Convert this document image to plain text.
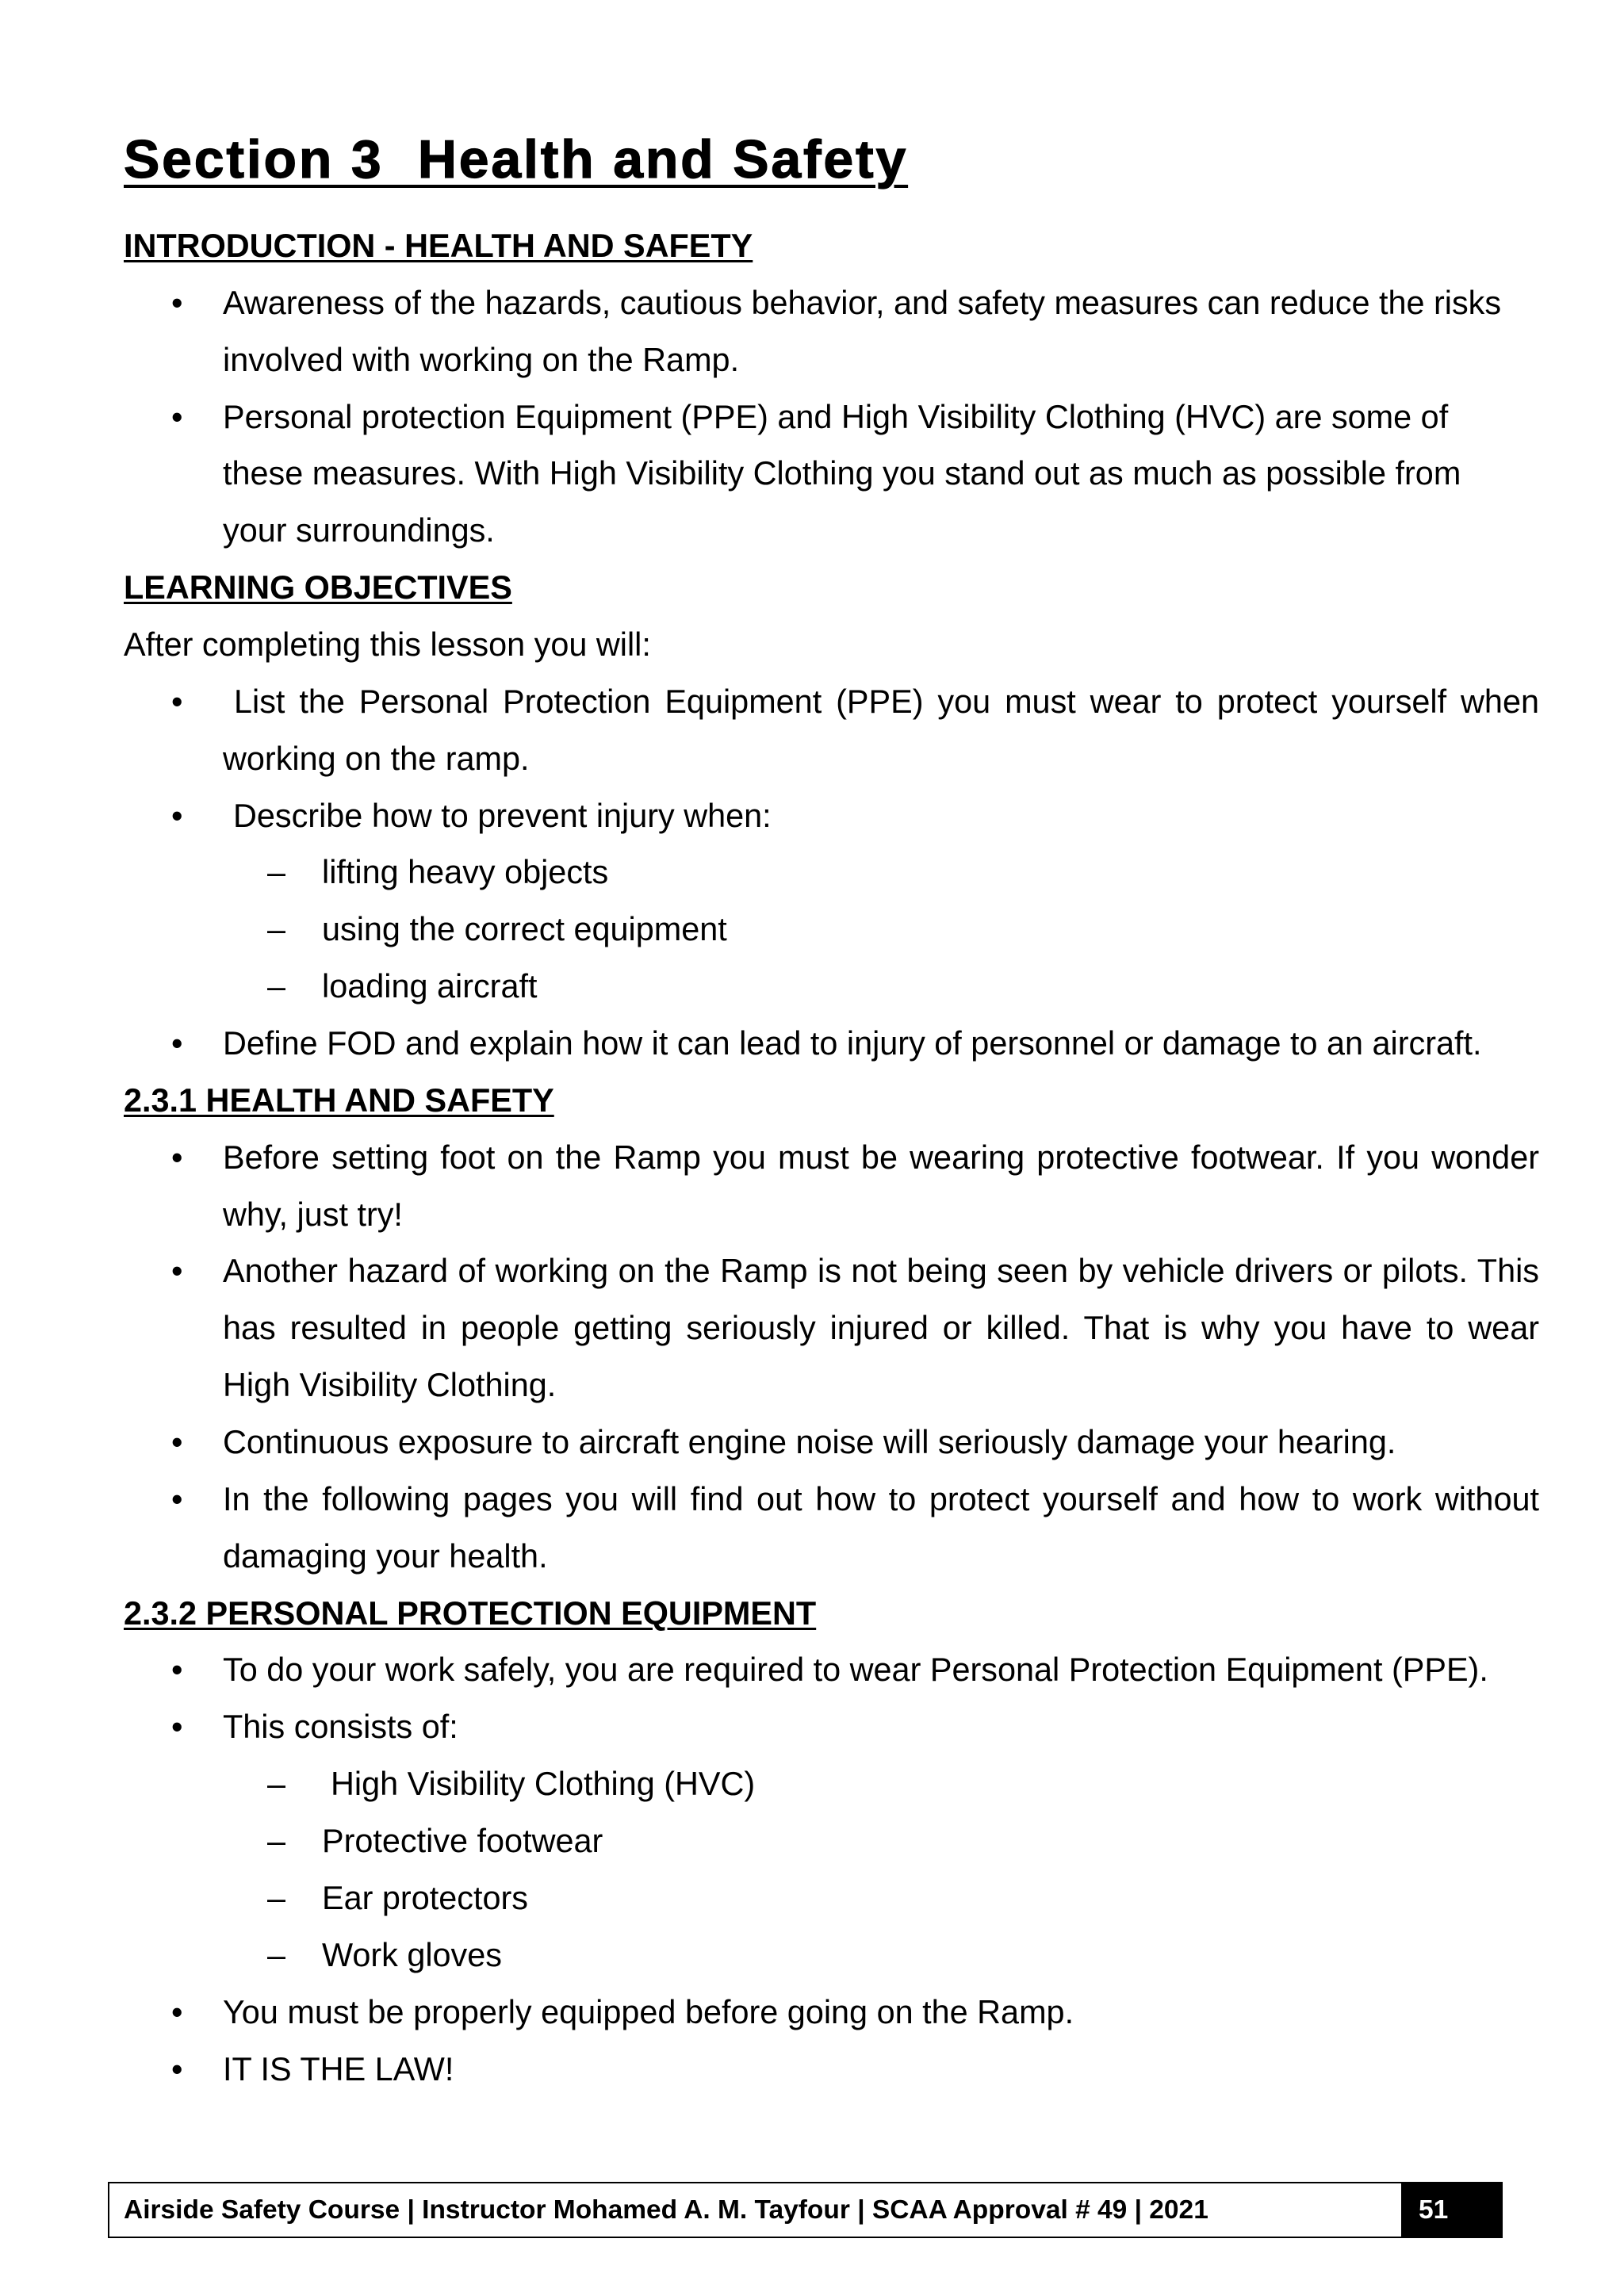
Section 3  Health and Safety
INTRODUCTION - HEALTH AND SAFETY
• Awareness of the hazards, cautious behavior, and safety measures can reduce the risks
involved with working on the Ramp.
• Personal protection Equipment (PPE) and High Visibility Clothing (HVC) are some of
these measures. With High Visibility Clothing you stand out as much as possible from
your surroundings.
LEARNING OBJECTIVES
After completing this lesson you will:
• List the Personal Protection Equipment (PPE) you must wear to protect yourself when
working on the ramp.
• Describe how to prevent injury when:
– lifting heavy objects
– using the correct equipment
– loading aircraft
• Define FOD and explain how it can lead to injury of personnel or damage to an aircraft.
2.3.1 HEALTH AND SAFETY
• Before setting foot on the Ramp you must be wearing protective footwear. If you wonder
why, just try!
• Another hazard of working on the Ramp is not being seen by vehicle drivers or pilots. This
has resulted in people getting seriously injured or killed. That is why you have to wear
High Visibility Clothing.
• Continuous exposure to aircraft engine noise will seriously damage your hearing.
• In the following pages you will find out how to protect yourself and how to work without
damaging your health.
2.3.2 PERSONAL PROTECTION EQUIPMENT
• To do your work safely, you are required to wear Personal Protection Equipment (PPE).
• This consists of:
– High Visibility Clothing (HVC)
– Protective footwear
– Ear protectors
– Work gloves
• You must be properly equipped before going on the Ramp.
• IT IS THE LAW!
Airside Safety Course | Instructor Mohamed A. M. Tayfour | SCAA Approval # 49 | 2021	51
